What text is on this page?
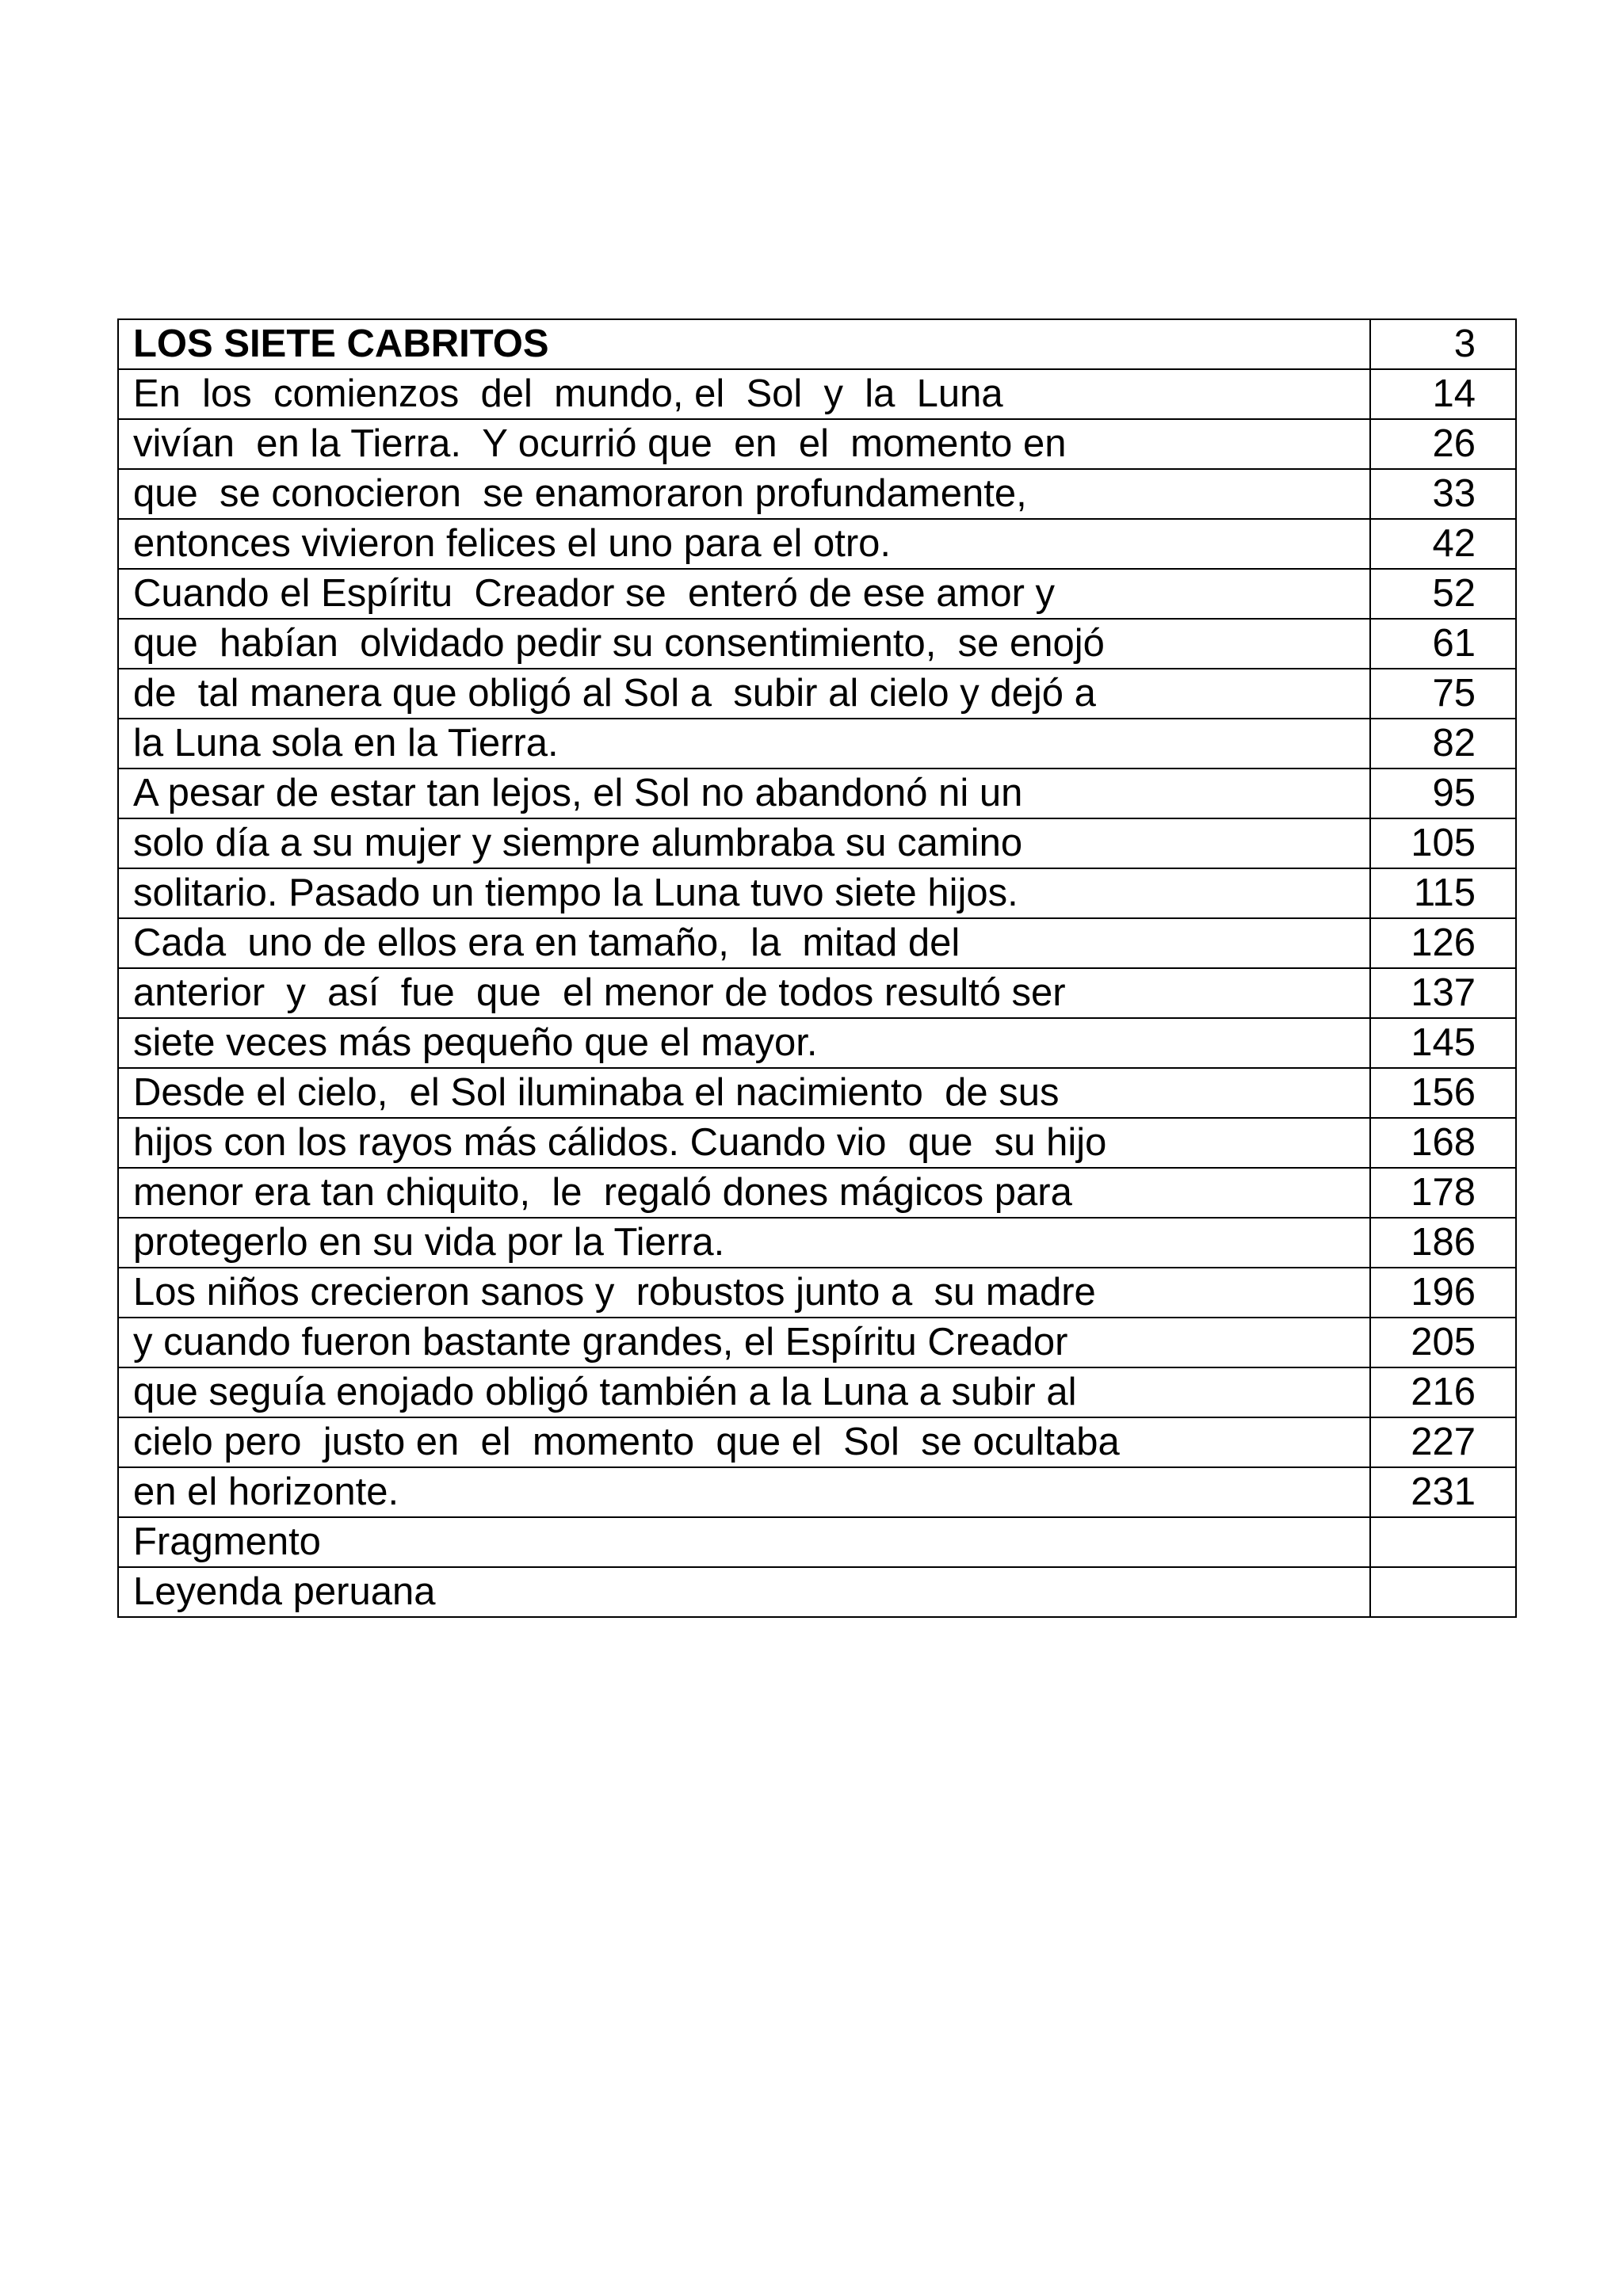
LOS SIETE CABRITOS	3
En  los  comienzos  del  mundo, el  Sol  y  la  Luna	14
vivían  en la Tierra.  Y ocurrió que  en  el  momento en	26
que  se conocieron  se enamoraron profundamente,	33
entonces vivieron felices el uno para el otro.	42
Cuando el Espíritu  Creador se  enteró de ese amor y	52
que  habían  olvidado pedir su consentimiento,  se enojó	61
de  tal manera que obligó al Sol a  subir al cielo y dejó a	75
la Luna sola en la Tierra.	82
A pesar de estar tan lejos, el Sol no abandonó ni un	95
solo día a su mujer y siempre alumbraba su camino	105
solitario. Pasado un tiempo la Luna tuvo siete hijos.	115
Cada  uno de ellos era en tamaño,  la  mitad del	126
anterior  y  así  fue  que  el menor de todos resultó ser	137
siete veces más pequeño que el mayor.	145
Desde el cielo,  el Sol iluminaba el nacimiento  de sus	156
hijos con los rayos más cálidos. Cuando vio  que  su hijo	168
menor era tan chiquito,  le  regaló dones mágicos para	178
protegerlo en su vida por la Tierra.	186
Los niños crecieron sanos y  robustos junto a  su madre	196
y cuando fueron bastante grandes, el Espíritu Creador	205
que seguía enojado obligó también a la Luna a subir al	216
cielo pero  justo en  el  momento  que el  Sol  se ocultaba	227
en el horizonte.	231
Fragmento	
Leyenda peruana	
